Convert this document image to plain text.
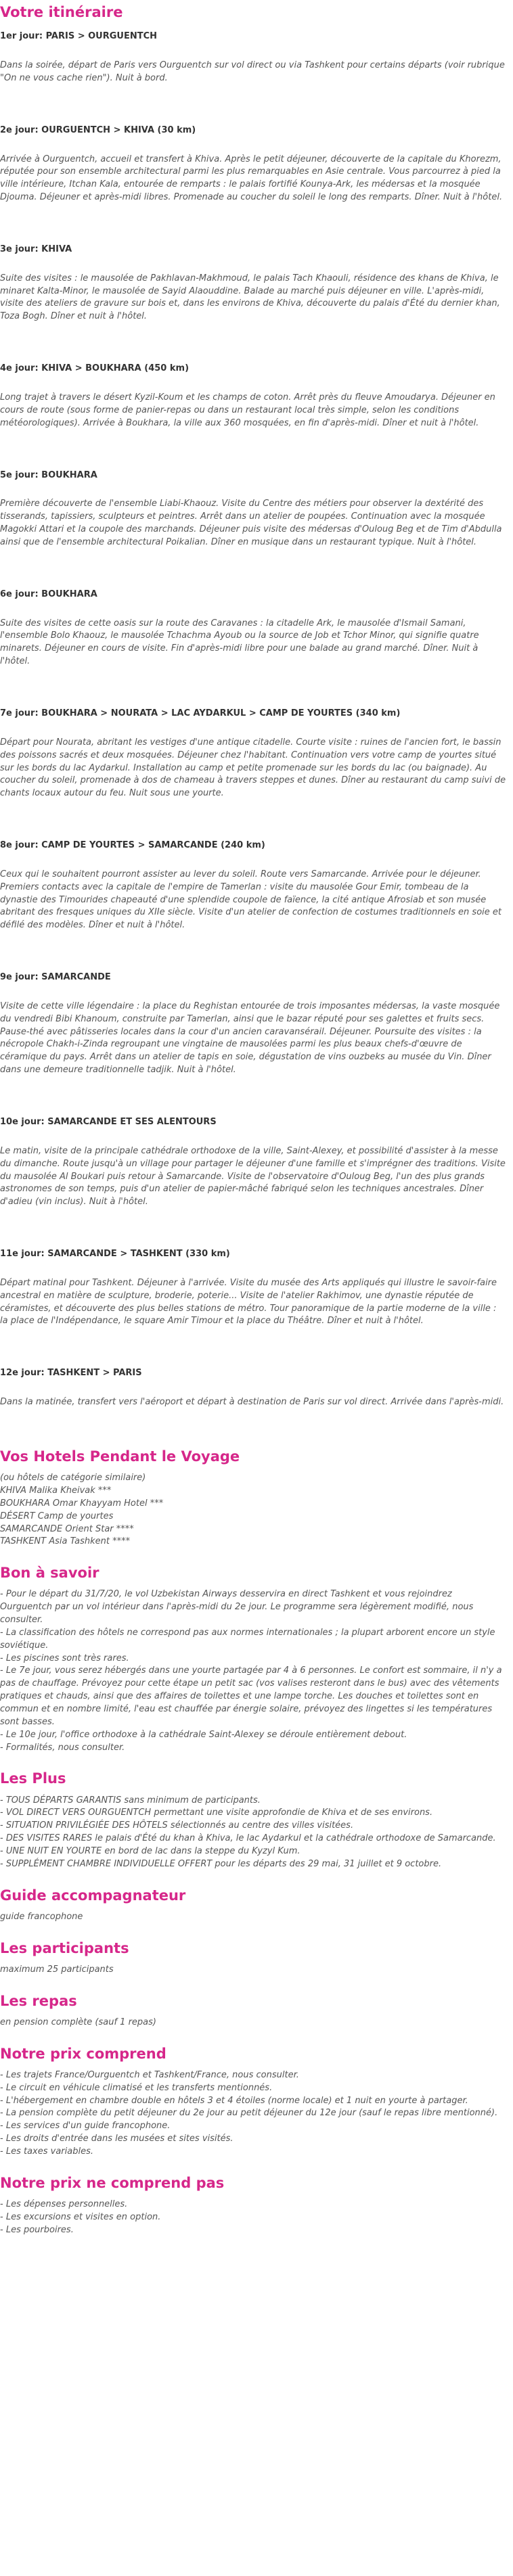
Votre itinéraire

1er jour: PARIS > OURGUENTCH

Dans la soirée, départ de Paris vers Ourguentch sur vol direct ou via Tashkent pour certains départs (voir rubrique "On ne vous cache rien"). Nuit à bord.

2e jour: OURGUENTCH > KHIVA (30 km)

Arrivée à Ourguentch, accueil et transfert à Khiva. Après le petit déjeuner, découverte de la capitale du Khorezm, réputée pour son ensemble architectural parmi les plus remarquables en Asie centrale. Vous parcourrez à pied la ville intérieure, Itchan Kala, entourée de remparts : le palais fortifié Kounya-Ark, les médersas et la mosquée Djouma. Déjeuner et après-midi libres. Promenade au coucher du soleil le long des remparts. Dîner. Nuit à l'hôtel.

3e jour: KHIVA

Suite des visites : le mausolée de Pakhlavan-Makhmoud, le palais Tach Khaouli, résidence des khans de Khiva, le minaret Kalta-Minor, le mausolée de Sayid Alaouddine. Balade au marché puis déjeuner en ville. L'après-midi, visite des ateliers de gravure sur bois et, dans les environs de Khiva, découverte du palais d'Été du dernier khan, Toza Bogh. Dîner et nuit à l'hôtel.

4e jour: KHIVA > BOUKHARA (450 km)

Long trajet à travers le désert Kyzil-Koum et les champs de coton. Arrêt près du fleuve Amoudarya. Déjeuner en cours de route (sous forme de panier-repas ou dans un restaurant local très simple, selon les conditions météorologiques). Arrivée à Boukhara, la ville aux 360 mosquées, en fin d'après-midi. Dîner et nuit à l'hôtel.

5e jour: BOUKHARA

Première découverte de l'ensemble Liabi-Khaouz. Visite du Centre des métiers pour observer la dextérité des tisserands, tapissiers, sculpteurs et peintres. Arrêt dans un atelier de poupées. Continuation avec la mosquée Magokki Attari et la coupole des marchands. Déjeuner puis visite des médersas d'Ouloug Beg et de Tim d'Abdulla ainsi que de l'ensemble architectural Poikalian. Dîner en musique dans un restaurant typique. Nuit à l'hôtel.

6e jour: BOUKHARA

Suite des visites de cette oasis sur la route des Caravanes : la citadelle Ark, le mausolée d'Ismail Samani, l'ensemble Bolo Khaouz, le mausolée Tchachma Ayoub ou la source de Job et Tchor Minor, qui signifie quatre minarets. Déjeuner en cours de visite. Fin d'après-midi libre pour une balade au grand marché. Dîner. Nuit à l'hôtel.

7e jour: BOUKHARA > NOURATA > LAC AYDARKUL > CAMP DE YOURTES (340 km)

Départ pour Nourata, abritant les vestiges d'une antique citadelle. Courte visite : ruines de l'ancien fort, le bassin des poissons sacrés et deux mosquées. Déjeuner chez l'habitant. Continuation vers votre camp de yourtes situé sur les bords du lac Aydarkul. Installation au camp et petite promenade sur les bords du lac (ou baignade). Au coucher du soleil, promenade à dos de chameau à travers steppes et dunes. Dîner au restaurant du camp suivi de chants locaux autour du feu. Nuit sous une yourte.

8e jour: CAMP DE YOURTES > SAMARCANDE (240 km)

Ceux qui le souhaitent pourront assister au lever du soleil. Route vers Samarcande. Arrivée pour le déjeuner. Premiers contacts avec la capitale de l'empire de Tamerlan : visite du mausolée Gour Emir, tombeau de la dynastie des Timourides chapeauté d'une splendide coupole de faïence, la cité antique Afrosiab et son musée abritant des fresques uniques du XIIe siècle. Visite d'un atelier de confection de costumes traditionnels en soie et défilé des modèles. Dîner et nuit à l'hôtel.

9e jour: SAMARCANDE

Visite de cette ville légendaire : la place du Reghistan entourée de trois imposantes médersas, la vaste mosquée du vendredi Bibi Khanoum, construite par Tamerlan, ainsi que le bazar réputé pour ses galettes et fruits secs. Pause-thé avec pâtisseries locales dans la cour d'un ancien caravansérail. Déjeuner. Poursuite des visites : la nécropole Chakh-i-Zinda regroupant une vingtaine de mausolées parmi les plus beaux chefs-d'œuvre de céramique du pays. Arrêt dans un atelier de tapis en soie, dégustation de vins ouzbeks au musée du Vin. Dîner dans une demeure traditionnelle tadjik. Nuit à l'hôtel.

10e jour: SAMARCANDE ET SES ALENTOURS

Le matin, visite de la principale cathédrale orthodoxe de la ville, Saint-Alexey, et possibilité d'assister à la messe du dimanche. Route jusqu'à un village pour partager le déjeuner d'une famille et s'imprégner des traditions. Visite du mausolée Al Boukari puis retour à Samarcande. Visite de l'observatoire d'Ouloug Beg, l'un des plus grands astronomes de son temps, puis d'un atelier de papier-mâché fabriqué selon les techniques ancestrales. Dîner d'adieu (vin inclus). Nuit à l'hôtel.

11e jour: SAMARCANDE > TASHKENT (330 km)

Départ matinal pour Tashkent. Déjeuner à l'arrivée. Visite du musée des Arts appliqués qui illustre le savoir-faire ancestral en matière de sculpture, broderie, poterie... Visite de l'atelier Rakhimov, une dynastie réputée de céramistes, et découverte des plus belles stations de métro. Tour panoramique de la partie moderne de la ville : la place de l'Indépendance, le square Amir Timour et la place du Théâtre. Dîner et nuit à l'hôtel.

12e jour: TASHKENT > PARIS

Dans la matinée, transfert vers l'aéroport et départ à destination de Paris sur vol direct. Arrivée dans l'après-midi.

Vos Hotels Pendant le Voyage

(ou hôtels de catégorie similaire)

KHIVA Malika Kheivak ***

BOUKHARA Omar Khayyam Hotel ***

DÉSERT Camp de yourtes

SAMARCANDE Orient Star ****

TASHKENT Asia Tashkent ****

Bon à savoir

- Pour le départ du 31/7/20, le vol Uzbekistan Airways desservira en direct Tashkent et vous rejoindrez Ourguentch par un vol intérieur dans l'après-midi du 2e jour. Le programme sera légèrement modifié, nous consulter.

- La classification des hôtels ne correspond pas aux normes internationales ; la plupart arborent encore un style soviétique.

- Les piscines sont très rares.

- Le 7e jour, vous serez hébergés dans une yourte partagée par 4 à 6 personnes. Le confort est sommaire, il n'y a pas de chauffage. Prévoyez pour cette étape un petit sac (vos valises resteront dans le bus) avec des vêtements pratiques et chauds, ainsi que des affaires de toilettes et une lampe torche. Les douches et toilettes sont en commun et en nombre limité, l'eau est chauffée par énergie solaire, prévoyez des lingettes si les températures sont basses.

- Le 10e jour, l'office orthodoxe à la cathédrale Saint-Alexey se déroule entièrement debout.

- Formalités, nous consulter.

Les Plus

- TOUS DÉPARTS GARANTIS sans minimum de participants.

- VOL DIRECT VERS OURGUENTCH permettant une visite approfondie de Khiva et de ses environs.

- SITUATION PRIVILÉGIÉE DES HÔTELS sélectionnés au centre des villes visitées.

- DES VISITES RARES le palais d'Été du khan à Khiva, le lac Aydarkul et la cathédrale orthodoxe de Samarcande.

- UNE NUIT EN YOURTE en bord de lac dans la steppe du Kyzyl Kum.

- SUPPLÉMENT CHAMBRE INDIVIDUELLE OFFERT pour les départs des 29 mai, 31 juillet et 9 octobre.

Guide accompagnateur

guide francophone

Les participants

maximum 25 participants

Les repas

en pension complète (sauf 1 repas)

Notre prix comprend

- Les trajets France/Ourguentch et Tashkent/France, nous consulter.

- Le circuit en véhicule climatisé et les transferts mentionnés.

- L'hébergement en chambre double en hôtels 3 et 4 étoiles (norme locale) et 1 nuit en yourte à partager.

- La pension complète du petit déjeuner du 2e jour au petit déjeuner du 12e jour (sauf le repas libre mentionné).

- Les services d'un guide francophone.

- Les droits d'entrée dans les musées et sites visités.

- Les taxes variables.

Notre prix ne comprend pas

- Les dépenses personnelles.

- Les excursions et visites en option.

- Les pourboires.
